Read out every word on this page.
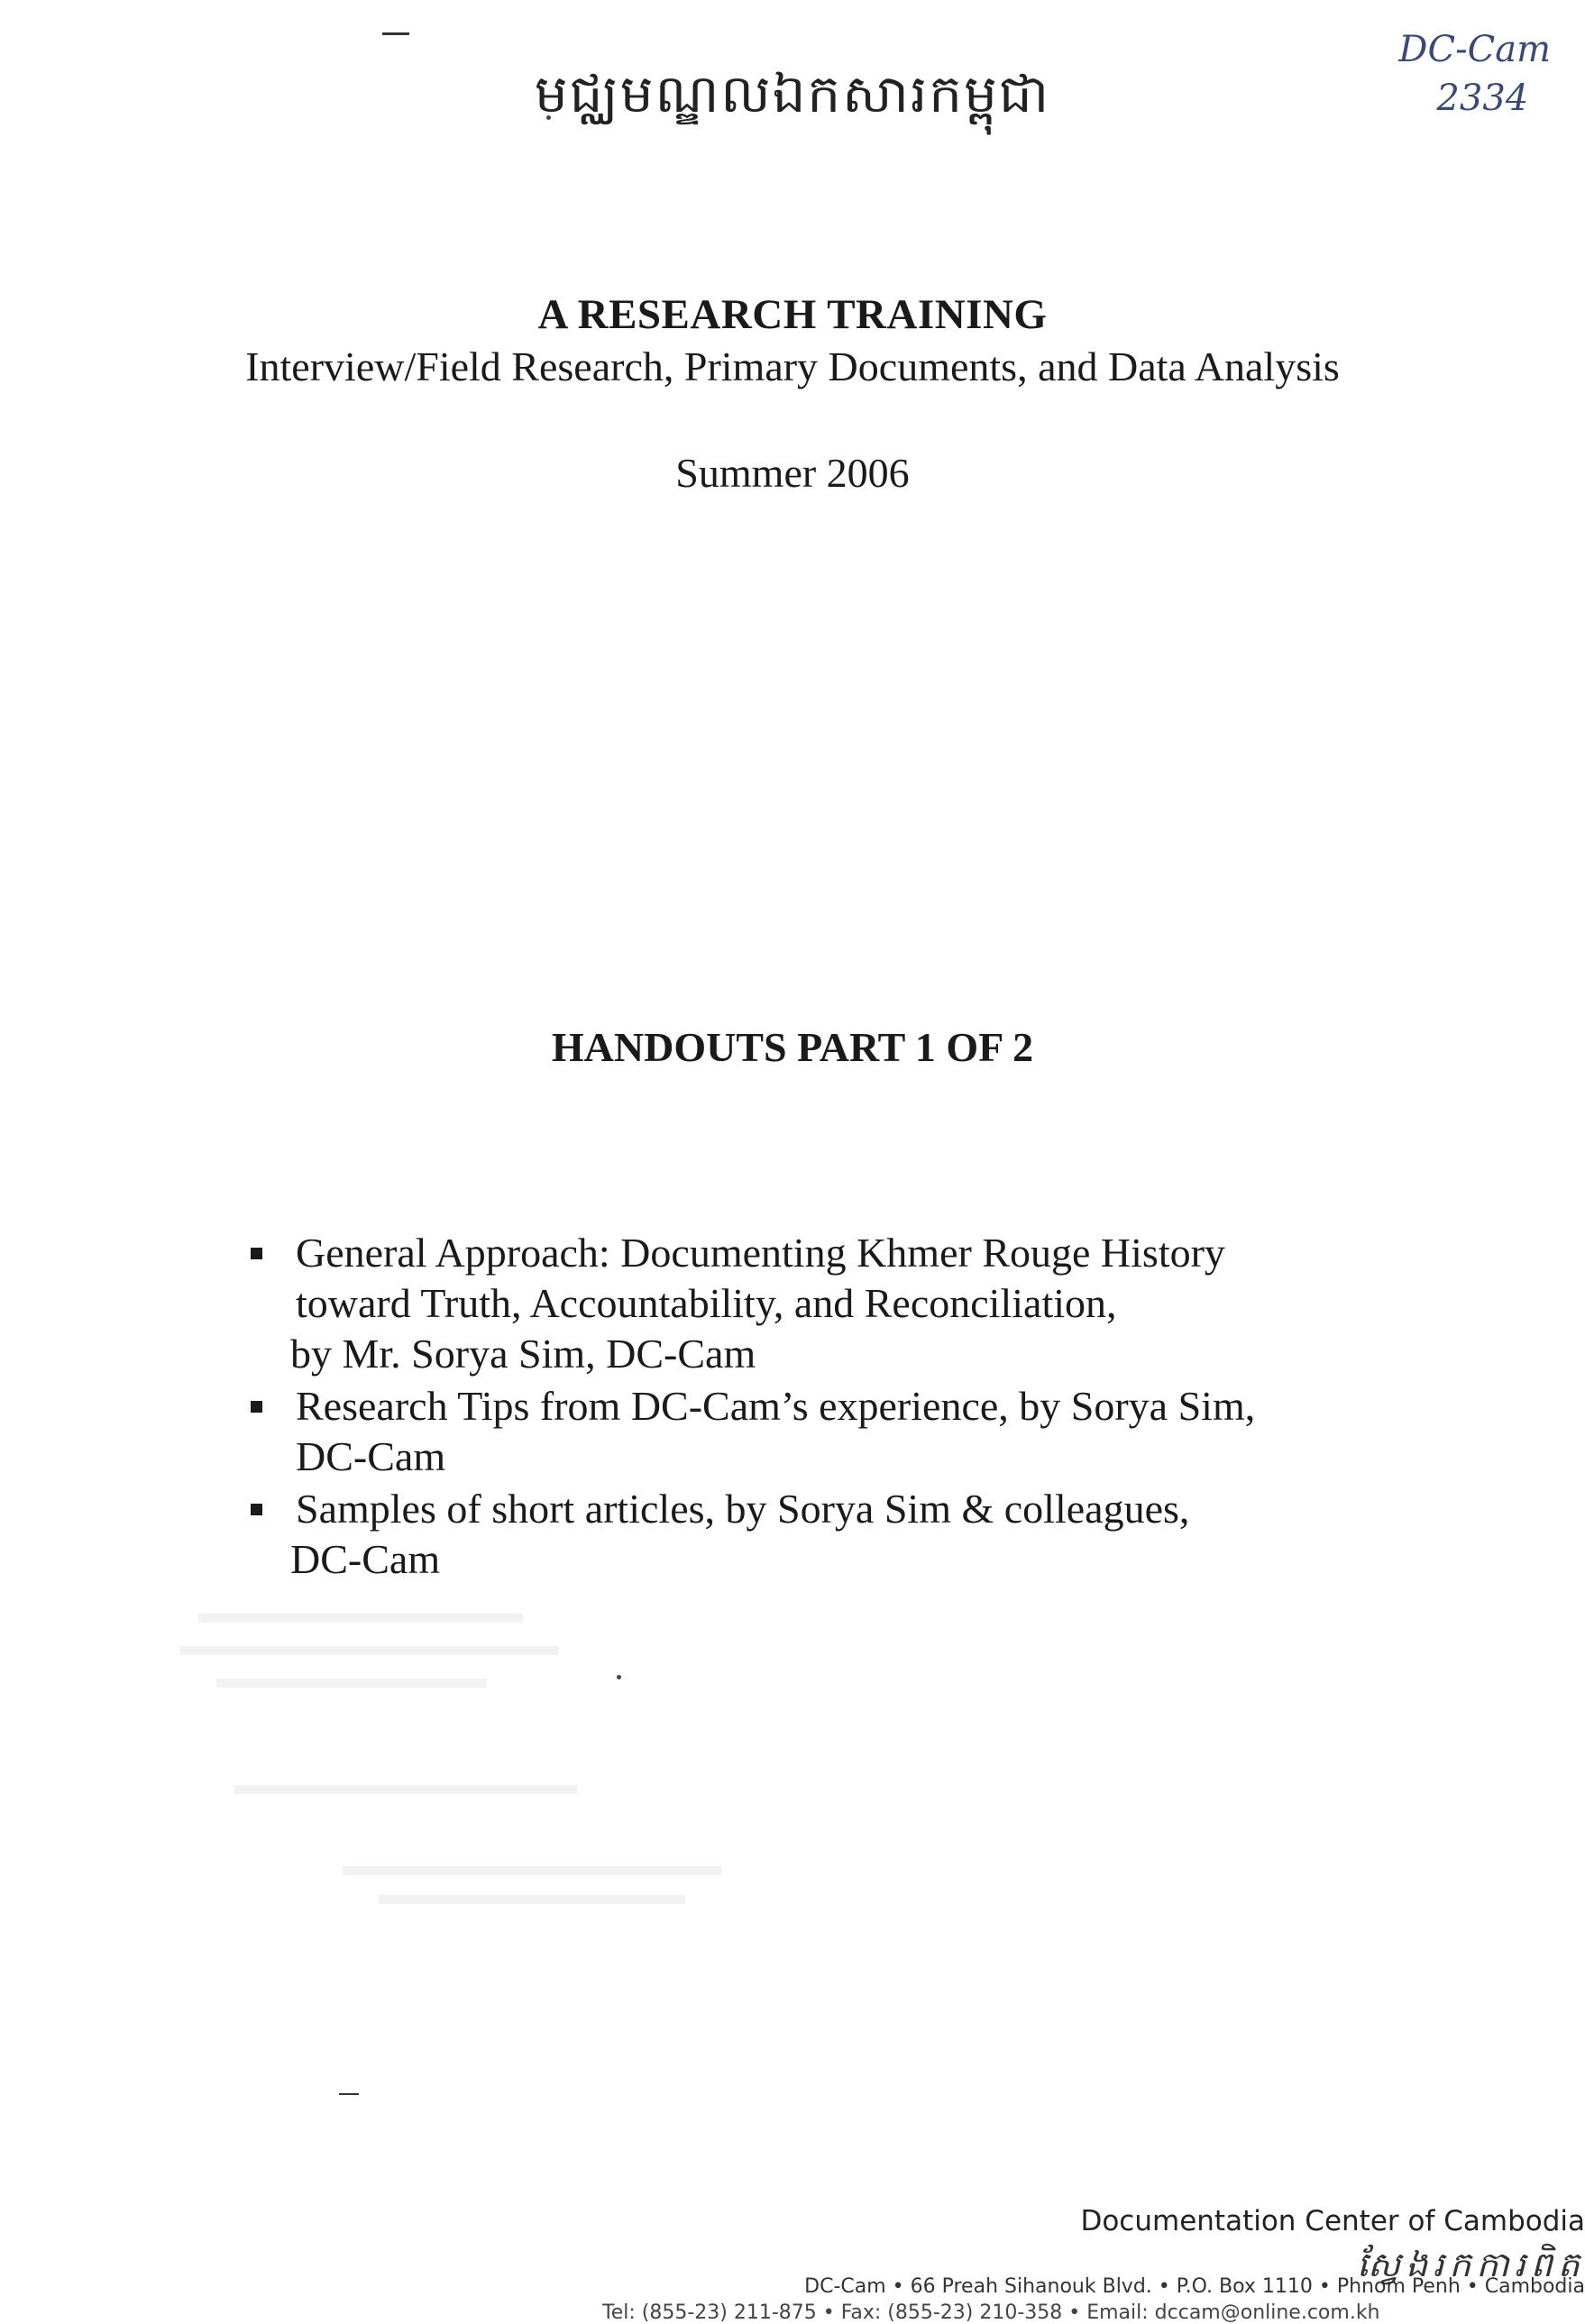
មជ្ឈមណ្ឌលឯកសារកម្ពុជា
DC-Cam
2334
A RESEARCH TRAINING
Interview/Field Research, Primary Documents, and Data Analysis
Summer 2006
HANDOUTS PART 1 OF 2
General Approach: Documenting Khmer Rouge History
toward Truth, Accountability, and Reconciliation,
by Mr. Sorya Sim, DC-Cam
Research Tips from DC-Cam’s experience, by Sorya Sim,
DC-Cam
Samples of short articles, by Sorya Sim & colleagues,
DC-Cam
Documentation Center of Cambodia
ស្វែងរកការពិត
DC-Cam • 66 Preah Sihanouk Blvd. • P.O. Box 1110 • Phnom Penh • Cambodia
Tel: (855-23) 211-875 • Fax: (855-23) 210-358 • Email: dccam@online.com.kh
